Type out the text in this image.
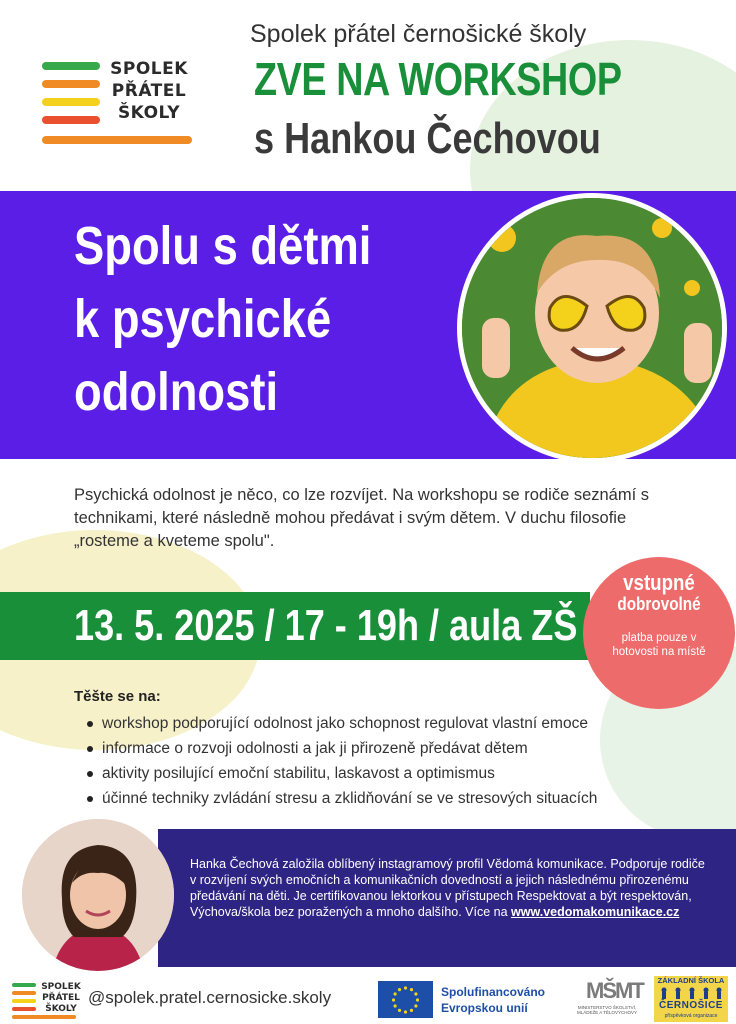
SPOLEK
PŘÁTEL
ŠKOLY
Spolek přátel černošické školy
ZVE NA WORKSHOP
s Hankou Čechovou
Spolu s dětmi
k psychické
odolnosti
Psychická odolnost je něco, co lze rozvíjet. Na workshopu se rodiče seznámí s technikami, které následně mohou předávat i svým dětem. V duchu filosofie „rosteme a kveteme spolu".
13. 5. 2025 / 17 - 19h / aula ZŠ
vstupné
dobrovolné
platba pouze v hotovosti na místě
Těšte se na:
workshop podporující odolnost jako schopnost regulovat vlastní emoce
informace o rozvoji odolnosti a jak ji přirozeně předávat dětem
aktivity posilující emoční stabilitu, laskavost a optimismus
účinné techniky zvládání stresu a zklidňování se ve stresových situacích
Hanka Čechová založila oblíbený instagramový profil Vědomá komunikace. Podporuje rodiče v rozvíjení svých emočních a komunikačních dovedností a jejich následnému přirozenému předávání na děti. Je certifikovanou lektorkou v přístupech Respektovat a být respektován, Výchova/škola bez poražených a mnoho dalšího. Více na www.vedomakomunikace.cz
SPOLEK
PŘÁTEL
ŠKOLY
@spolek.pratel.cernosicke.skoly	Spolufinancováno
Evropskou unií
MŠMT
MINISTERSTVO ŠKOLSTVÍ, MLÁDEŽE A TĚLOVÝCHOVY
ZÁKLADNÍ ŠKOLA
ČERNOŠICE
příspěvková organizace
